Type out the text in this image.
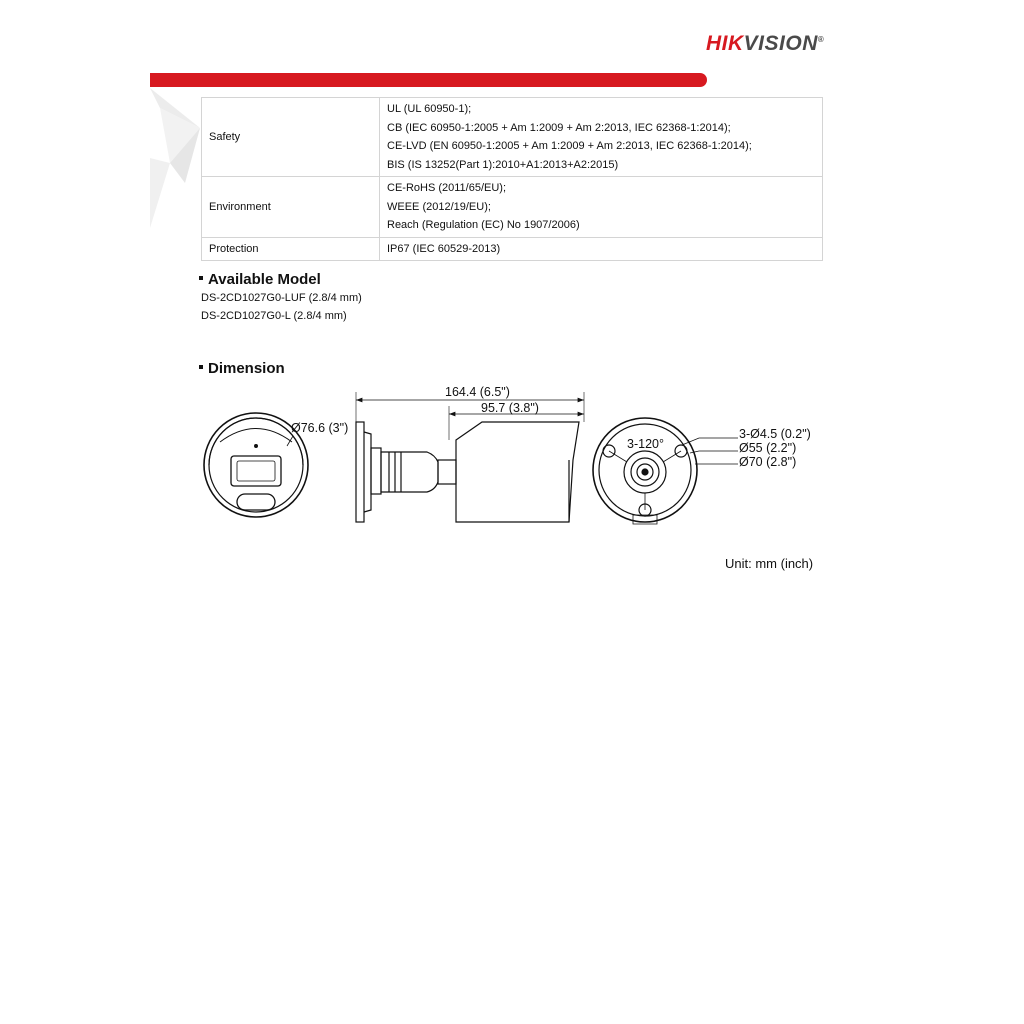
HIKVISION®
Safety	UL (UL 60950-1);
CB (IEC 60950-1:2005 + Am 1:2009 + Am 2:2013, IEC 62368-1:2014);
CE-LVD (EN 60950-1:2005 + Am 1:2009 + Am 2:2013, IEC 62368-1:2014);
BIS (IS 13252(Part 1):2010+A1:2013+A2:2015)

Environment	CE-RoHS (2011/65/EU);
WEEE (2012/19/EU);
Reach (Regulation (EC) No 1907/2006)

Protection	IP67 (IEC 60529-2013)
Available Model
DS-2CD1027G0-LUF (2.8/4 mm)
DS-2CD1027G0-L (2.8/4 mm)
Dimension
Ø76.6 (3")
164.4 (6.5")
95.7 (3.8")
3-120°
3-Ø4.5 (0.2")
Ø55 (2.2")
Ø70 (2.8")
Unit: mm (inch)
